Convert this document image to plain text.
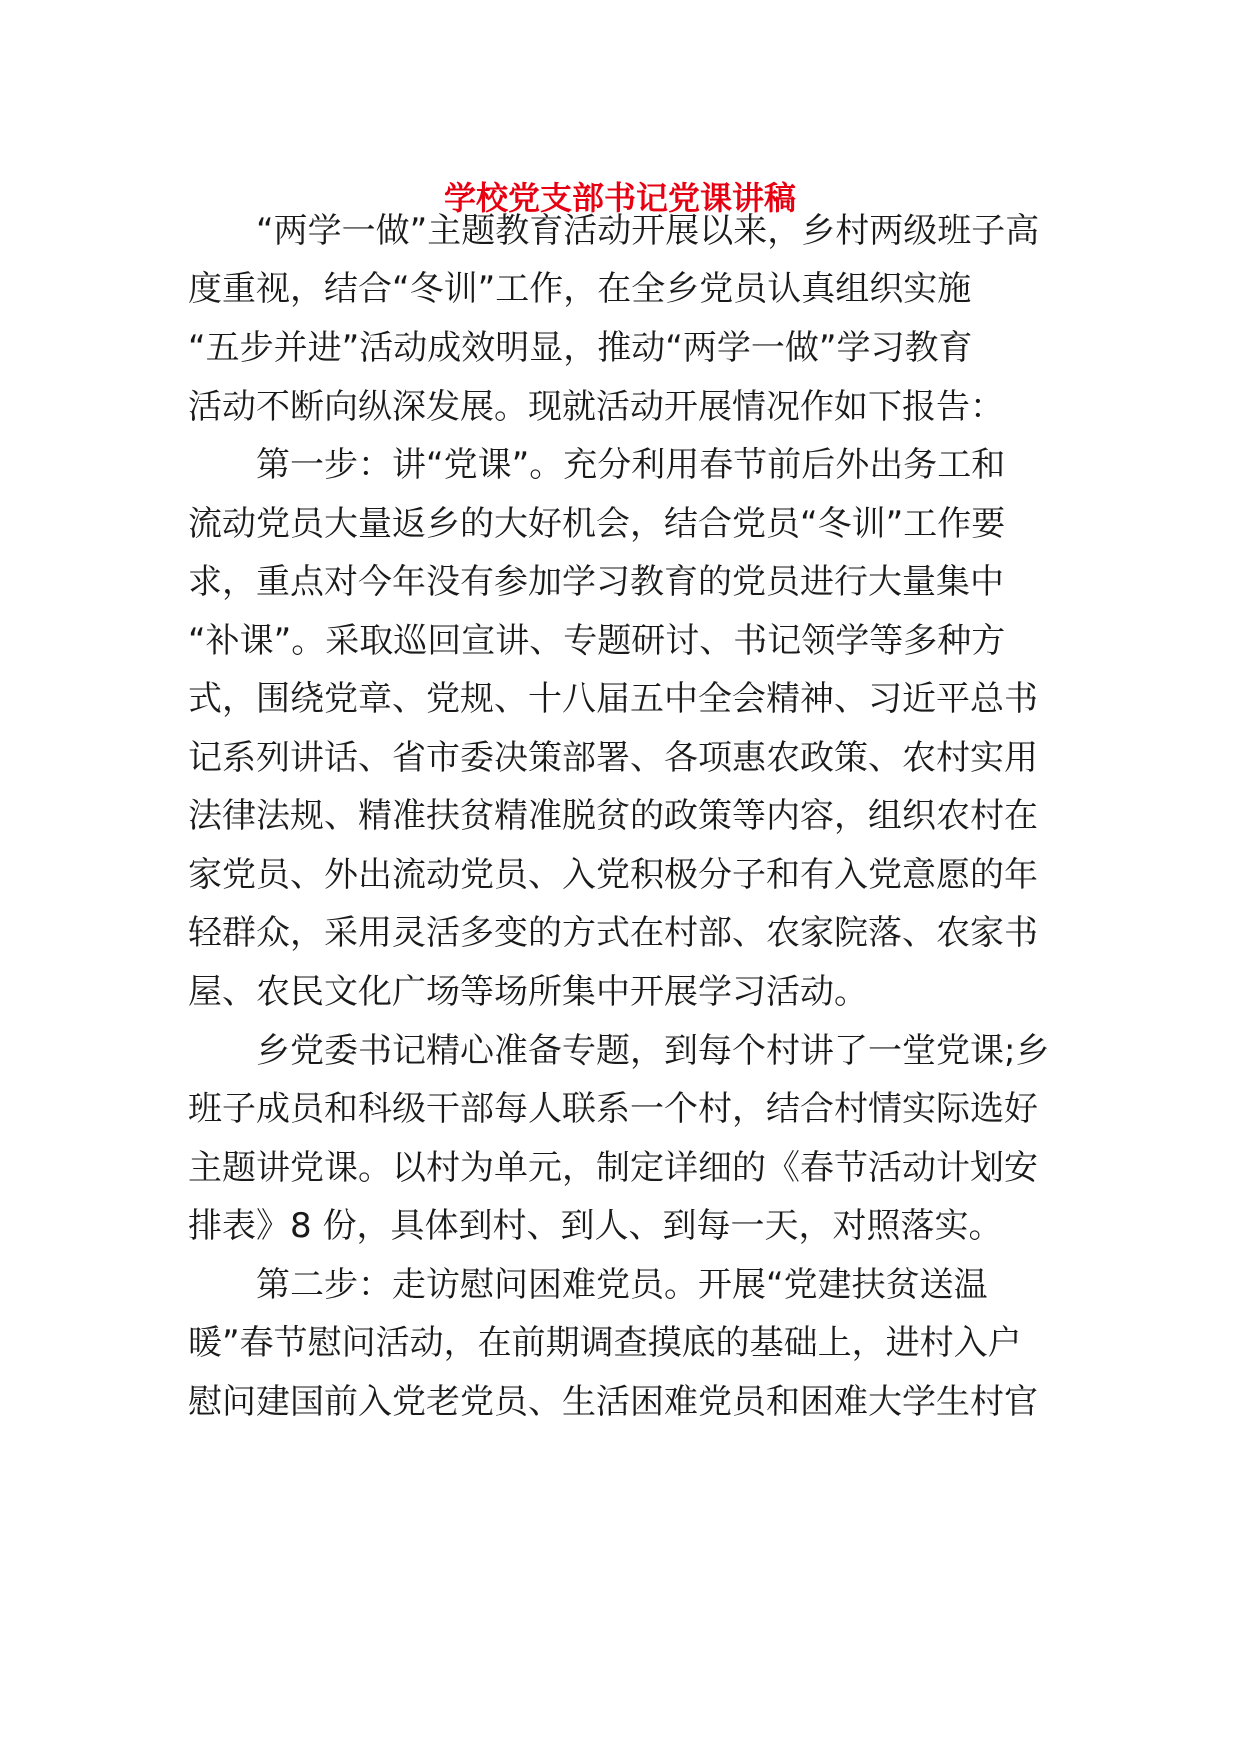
学校党支部书记党课讲稿

“两学一做”主题教育活动开展以来，乡村两级班子高

度重视，结合“冬训”工作，在全乡党员认真组织实施

“五步并进”活动成效明显，推动“两学一做”学习教育

活动不断向纵深发展。现就活动开展情况作如下报告：

第一步：讲“党课”。充分利用春节前后外出务工和

流动党员大量返乡的大好机会，结合党员“冬训”工作要

求，重点对今年没有参加学习教育的党员进行大量集中

“补课”。采取巡回宣讲、专题研讨、书记领学等多种方

式，围绕党章、党规、十八届五中全会精神、习近平总书

记系列讲话、省市委决策部署、各项惠农政策、农村实用

法律法规、精准扶贫精准脱贫的政策等内容，组织农村在

家党员、外出流动党员、入党积极分子和有入党意愿的年

轻群众，采用灵活多变的方式在村部、农家院落、农家书

屋、农民文化广场等场所集中开展学习活动。

乡党委书记精心准备专题，到每个村讲了一堂党课;乡

班子成员和科级干部每人联系一个村，结合村情实际选好

主题讲党课。以村为单元，制定详细的《春节活动计划安

排表》8 份，具体到村、到人、到每一天，对照落实。

第二步：走访慰问困难党员。开展“党建扶贫送温

暖”春节慰问活动，在前期调查摸底的基础上，进村入户

慰问建国前入党老党员、生活困难党员和困难大学生村官
